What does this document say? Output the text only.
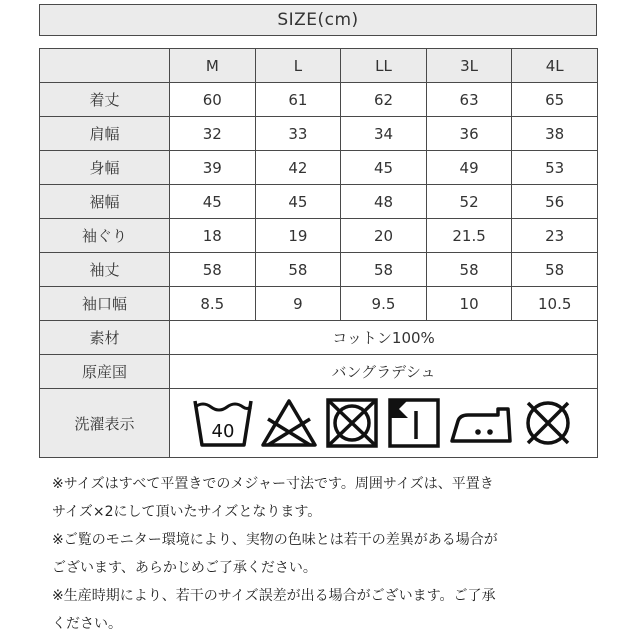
SIZE(cm)
	M	L	LL	3L	4L
着丈	60	61	62	63	65
肩幅	32	33	34	36	38
身幅	39	42	45	49	53
裾幅	45	45	48	52	56
袖ぐり	18	19	20	21.5	23
袖丈	58	58	58	58	58
袖口幅	8.5	9	9.5	10	10.5
素材	コットン100%				
原産国	バングラデシュ				
洗濯表示	40				

※サイズはすべて平置きでのメジャー寸法です。周囲サイズは、平置き

サイズ×2にして頂いたサイズとなります。

※ご覧のモニター環境により、実物の色味とは若干の差異がある場合が

ございます、あらかじめご了承ください。

※生産時期により、若干のサイズ誤差が出る場合がございます。ご了承

ください。
